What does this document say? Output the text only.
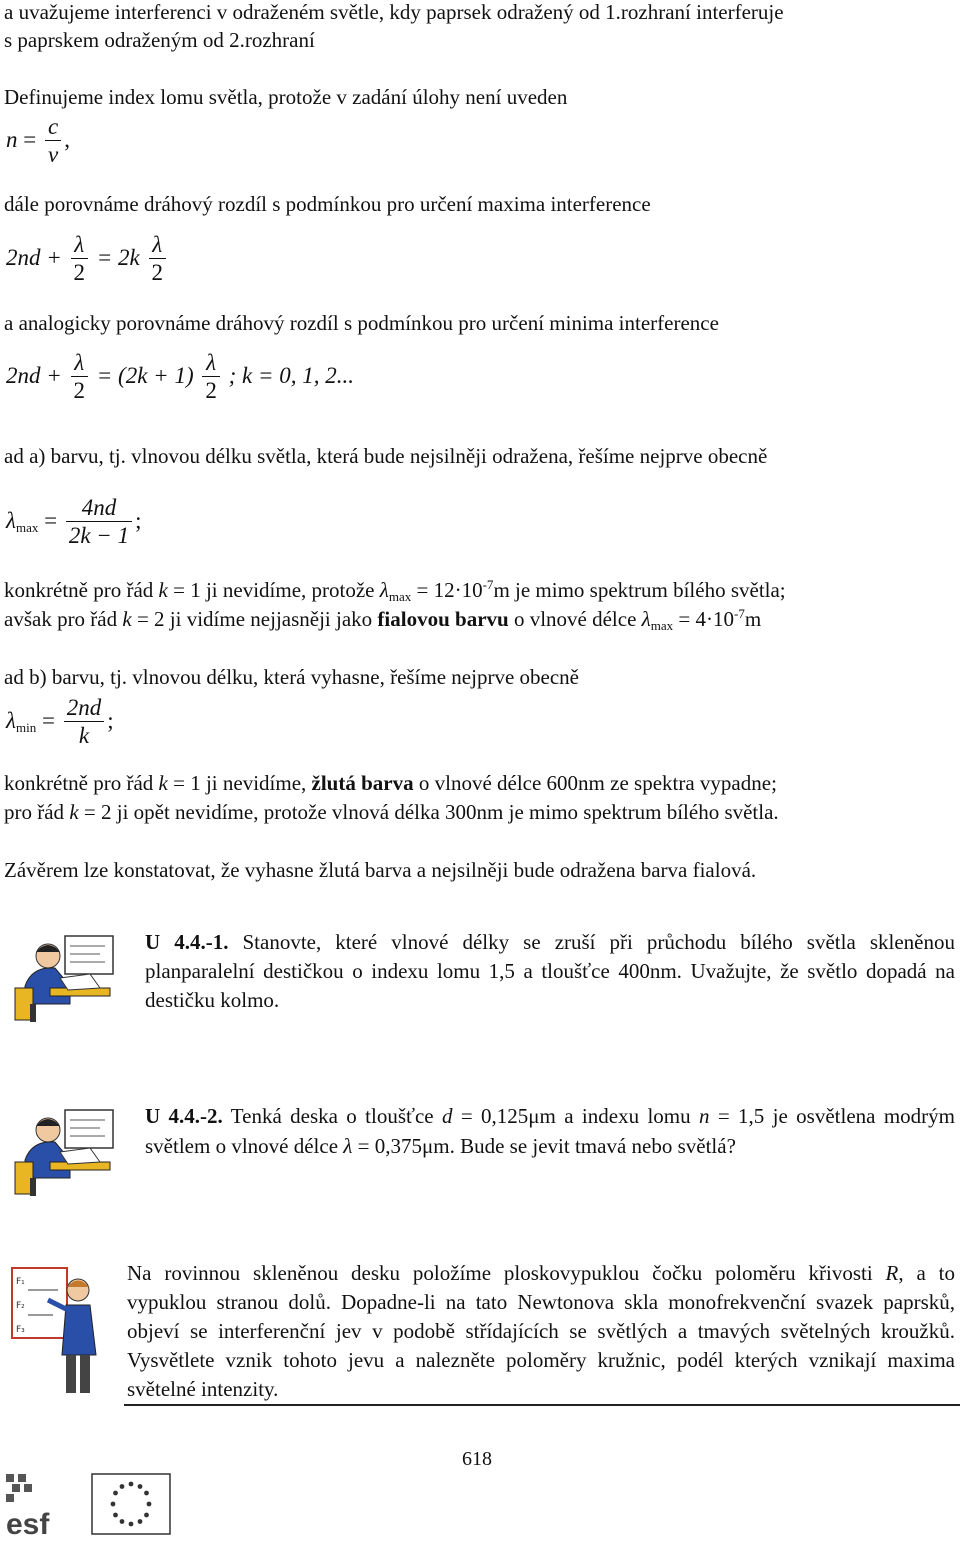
a uvažujeme interferenci v odraženém světle, kdy paprsek odražený od 1.rozhraní interferuje
s paprskem odraženým od 2.rozhraní
Definujeme index lomu světla, protože v zadání úlohy není uveden
$n = \frac{c}{v}$ ,
dále porovnáme dráhový rozdíl s podmínkou pro určení maxima interference
$2nd + \frac{\lambda}{2} = 2k \frac{\lambda}{2}$
a analogicky porovnáme dráhový rozdíl s podmínkou pro určení minima interference
$2nd + \frac{\lambda}{2} = (2k + 1) \frac{\lambda}{2}$ ; k = 0, 1, 2...
ad a) barvu, tj. vlnovou délku světla, která bude nejsilněji odražena, řešíme nejprve obecně
$\lambda_{max} = \frac{4nd}{2k - 1}$ ;
konkrétně pro řád k = 1 ji nevidíme, protože $\lambda_{max} = 12\cdot 10^{-7}m$ je mimo spektrum bílého světla;
avšak pro řád k = 2 ji vidíme nejjasněji jako fialovou barvu o vlnové délce $\lambda_{max} = 4\cdot 10^{-7}m$
ad b) barvu, tj. vlnovou délku, která vyhasne, řešíme nejprve obecně
$\lambda_{min} = \frac{2nd}{k}$ ;
konkrétně pro řád k = 1 ji nevidíme, žlutá barva o vlnové délce 600nm ze spektra vypadne;
pro řád k = 2 ji opět nevidíme, protože vlnová délka 300nm je mimo spektrum bílého světla.
Závěrem lze konstatovat, že vyhasne žlutá barva a nejsilněji bude odražena barva fialová.
U 4.4.-1. Stanovte, které vlnové délky se zruší při průchodu bílého světla skleněnou planparalelní destičkou o indexu lomu 1,5 a tloušťce 400nm. Uvažujte, že světlo dopadá na destičku kolmo.
U 4.4.-2. Tenká deska o tloušťce d = 0,125μm a indexu lomu n = 1,5 je osvětlena modrým světlem o vlnové délce λ = 0,375μm. Bude se jevit tmavá nebo světlá?
F₁
F₂
F₃
Na rovinnou skleněnou desku položíme ploskovypuklou čočku poloměru křivosti R, a to vypuklou stranou dolů. Dopadne-li na tato Newtonova skla monofrekvenční svazek paprsků, objeví se interferenční jev v podobě střídajících se světlých a tmavých světelných kroužků. Vysvětlete vznik tohoto jevu a nalezněte poloměry kružnic, podél kterých vznikají maxima světelné intenzity.
618
esf
